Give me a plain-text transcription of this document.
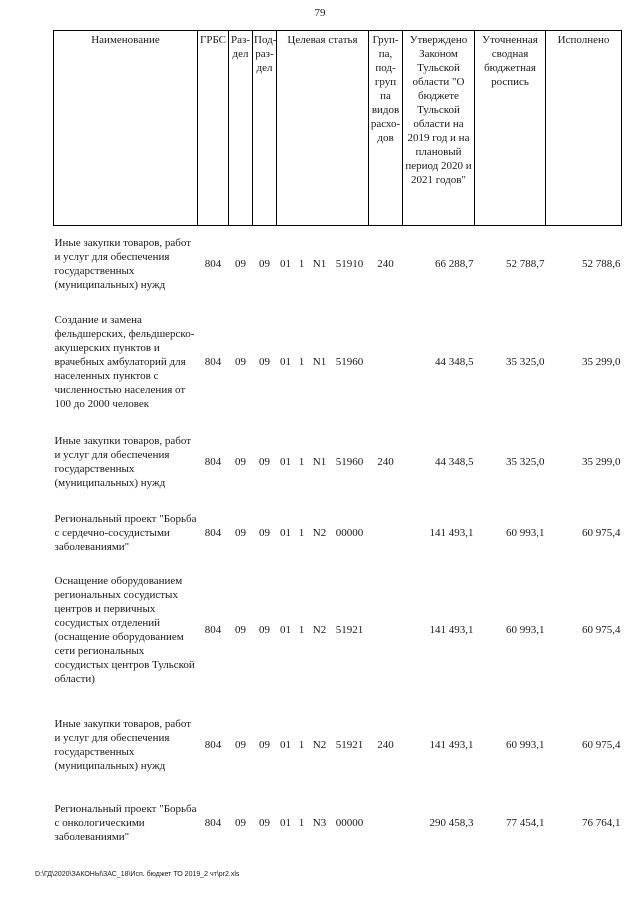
79
Наименование	ГРБС	Раз-дел	Под-раз-дел	Целевая статья				Груп-па, под-груп па видов расхо-дов	Утверждено Законом Тульской области "О бюджете Тульской области на 2019 год и на плановый период 2020 и 2021 годов"	Уточненная сводная бюджетная роспись	Исполнено
Иные закупки товаров, работ и услуг для обеспечения государственных (муниципальных) нужд	804	09	09	01	1	N1	51910	240	66 288,7	52 788,7	52 788,6
Создание и замена фельдшерских, фельдшерско-акушерских пунктов и врачебных амбулаторий для населенных пунктов с численностью населения от 100 до 2000 человек	804	09	09	01	1	N1	51960		44 348,5	35 325,0	35 299,0
Иные закупки товаров, работ и услуг для обеспечения государственных (муниципальных) нужд	804	09	09	01	1	N1	51960	240	44 348,5	35 325,0	35 299,0
Региональный проект "Борьба с сердечно-сосудистыми заболеваниями"	804	09	09	01	1	N2	00000		141 493,1	60 993,1	60 975,4
Оснащение оборудованием региональных сосудистых центров и первичных сосудистых отделений (оснащение оборудованием сети региональных сосудистых центров Тульской области)	804	09	09	01	1	N2	51921		141 493,1	60 993,1	60 975,4
Иные закупки товаров, работ и услуг для обеспечения государственных (муниципальных) нужд	804	09	09	01	1	N2	51921	240	141 493,1	60 993,1	60 975,4
Региональный проект "Борьба с онкологическими заболеваниями"	804	09	09	01	1	N3	00000		290 458,3	77 454,1	76 764,1
D:\ГД\2020\ЗАКОНЫ\ЗАС_18\Исп. бюджет ТО 2019_2 чт\pr2.xls
